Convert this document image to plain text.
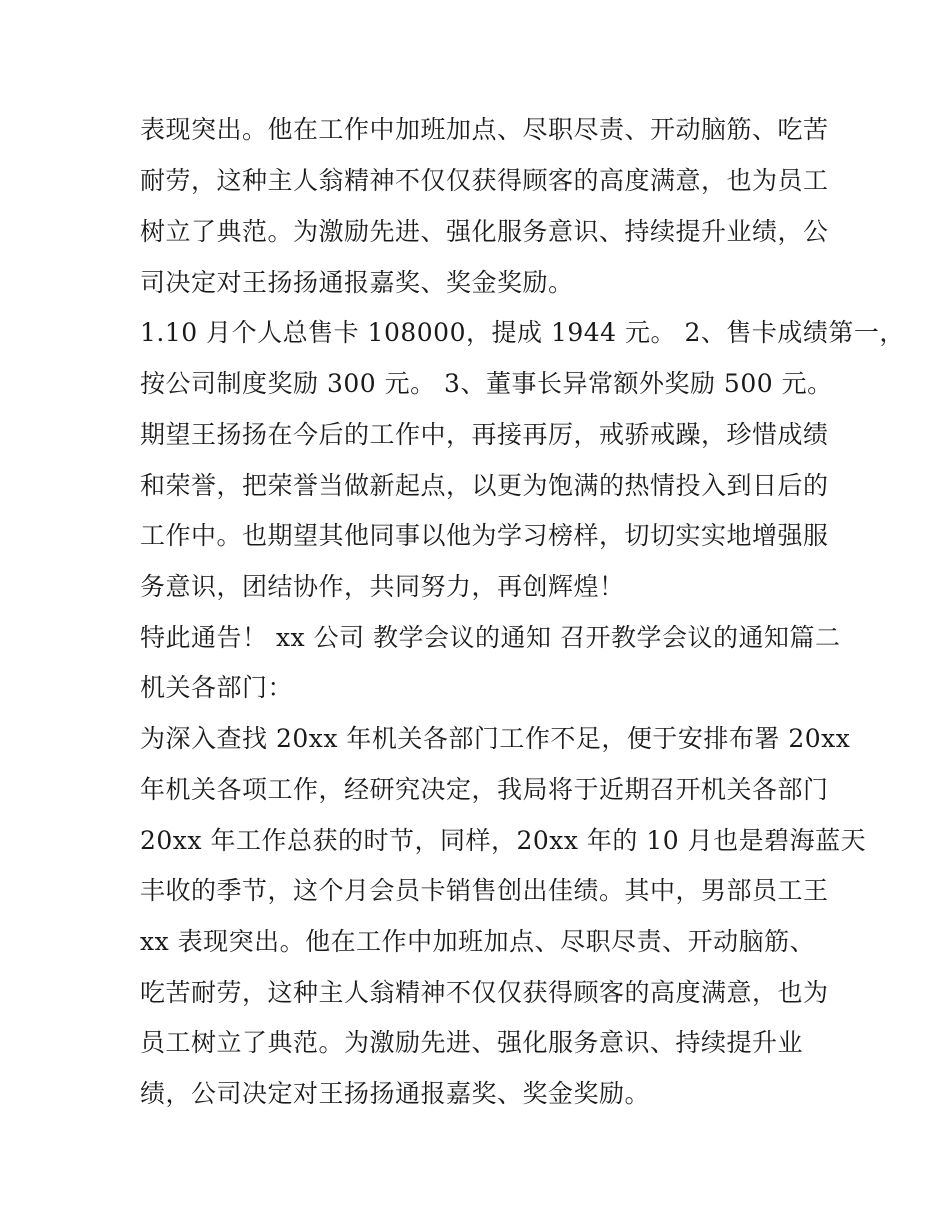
表现突出。他在工作中加班加点、尽职尽责、开动脑筋、吃苦
耐劳，这种主人翁精神不仅仅获得顾客的高度满意，也为员工
树立了典范。为激励先进、强化服务意识、持续提升业绩，公
司决定对王扬扬通报嘉奖、奖金奖励。
1.10 月个人总售卡 108000，提成 1944 元。 2、售卡成绩第一，
按公司制度奖励 300 元。 3、董事长异常额外奖励 500 元。
期望王扬扬在今后的工作中，再接再厉，戒骄戒躁，珍惜成绩
和荣誉，把荣誉当做新起点，以更为饱满的热情投入到日后的
工作中。也期望其他同事以他为学习榜样，切切实实地增强服
务意识，团结协作，共同努力，再创辉煌！
特此通告！ xx 公司 教学会议的通知 召开教学会议的通知篇二
机关各部门：
为深入查找 20xx 年机关各部门工作不足，便于安排布署 20xx
年机关各项工作，经研究决定，我局将于近期召开机关各部门
20xx 年工作总获的时节，同样，20xx 年的 10 月也是碧海蓝天
丰收的季节，这个月会员卡销售创出佳绩。其中，男部员工王
xx 表现突出。他在工作中加班加点、尽职尽责、开动脑筋、
吃苦耐劳，这种主人翁精神不仅仅获得顾客的高度满意，也为
员工树立了典范。为激励先进、强化服务意识、持续提升业
绩，公司决定对王扬扬通报嘉奖、奖金奖励。
